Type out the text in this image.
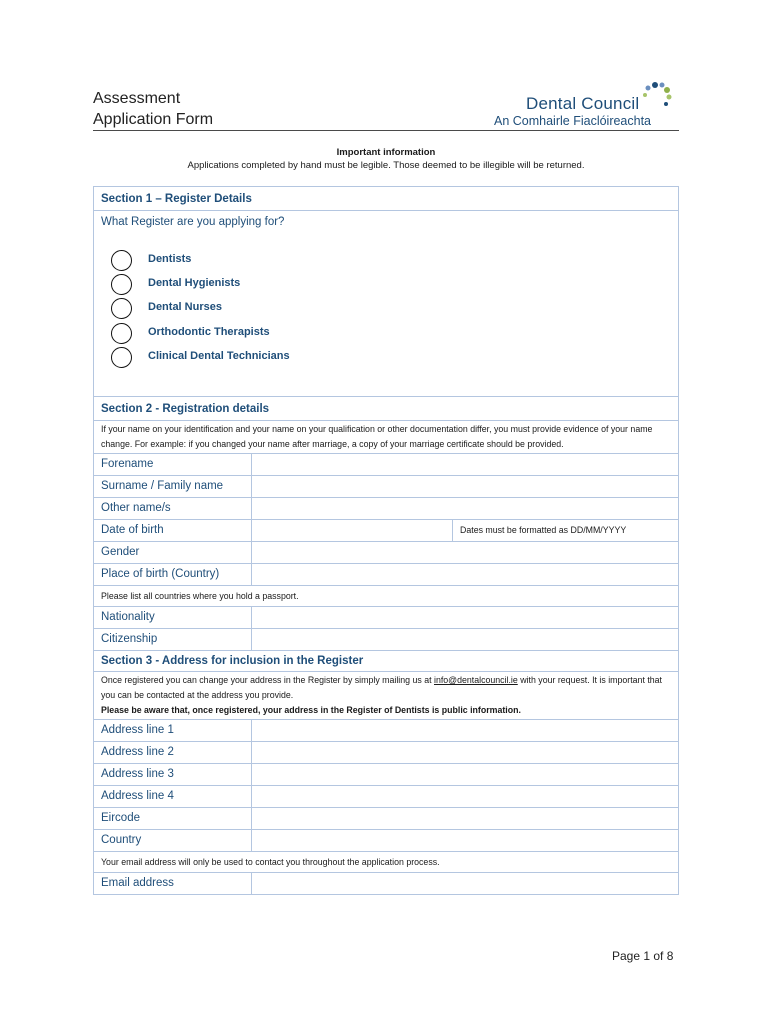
Assessment
Application Form
Dental Council
An Comhairle Fiaclóireachta
Important information
Applications completed by hand must be legible. Those deemed to be illegible will be returned.
Section 1 – Register Details
What Register are you applying for?
Dentists
Dental Hygienists
Dental Nurses
Orthodontic Therapists
Clinical Dental Technicians
Section 2 - Registration details
If your name on your identification and your name on your qualification or other documentation differ, you must provide evidence of your name change. For example: if you changed your name after marriage, a copy of your marriage certificate should be provided.
Forename
Surname / Family name
Other name/s
Date of birth	Dates must be formatted as DD/MM/YYYY
Gender
Place of birth (Country)
Please list all countries where you hold a passport.
Nationality
Citizenship
Section 3 - Address for inclusion in the Register
Once registered you can change your address in the Register by simply mailing us at info@dentalcouncil.ie with your request. It is important that you can be contacted at the address you provide.
Please be aware that, once registered, your address in the Register of Dentists is public information.
Address line 1
Address line 2
Address line 3
Address line 4
Eircode
Country
Your email address will only be used to contact you throughout the application process.
Email address
Page 1 of 8
